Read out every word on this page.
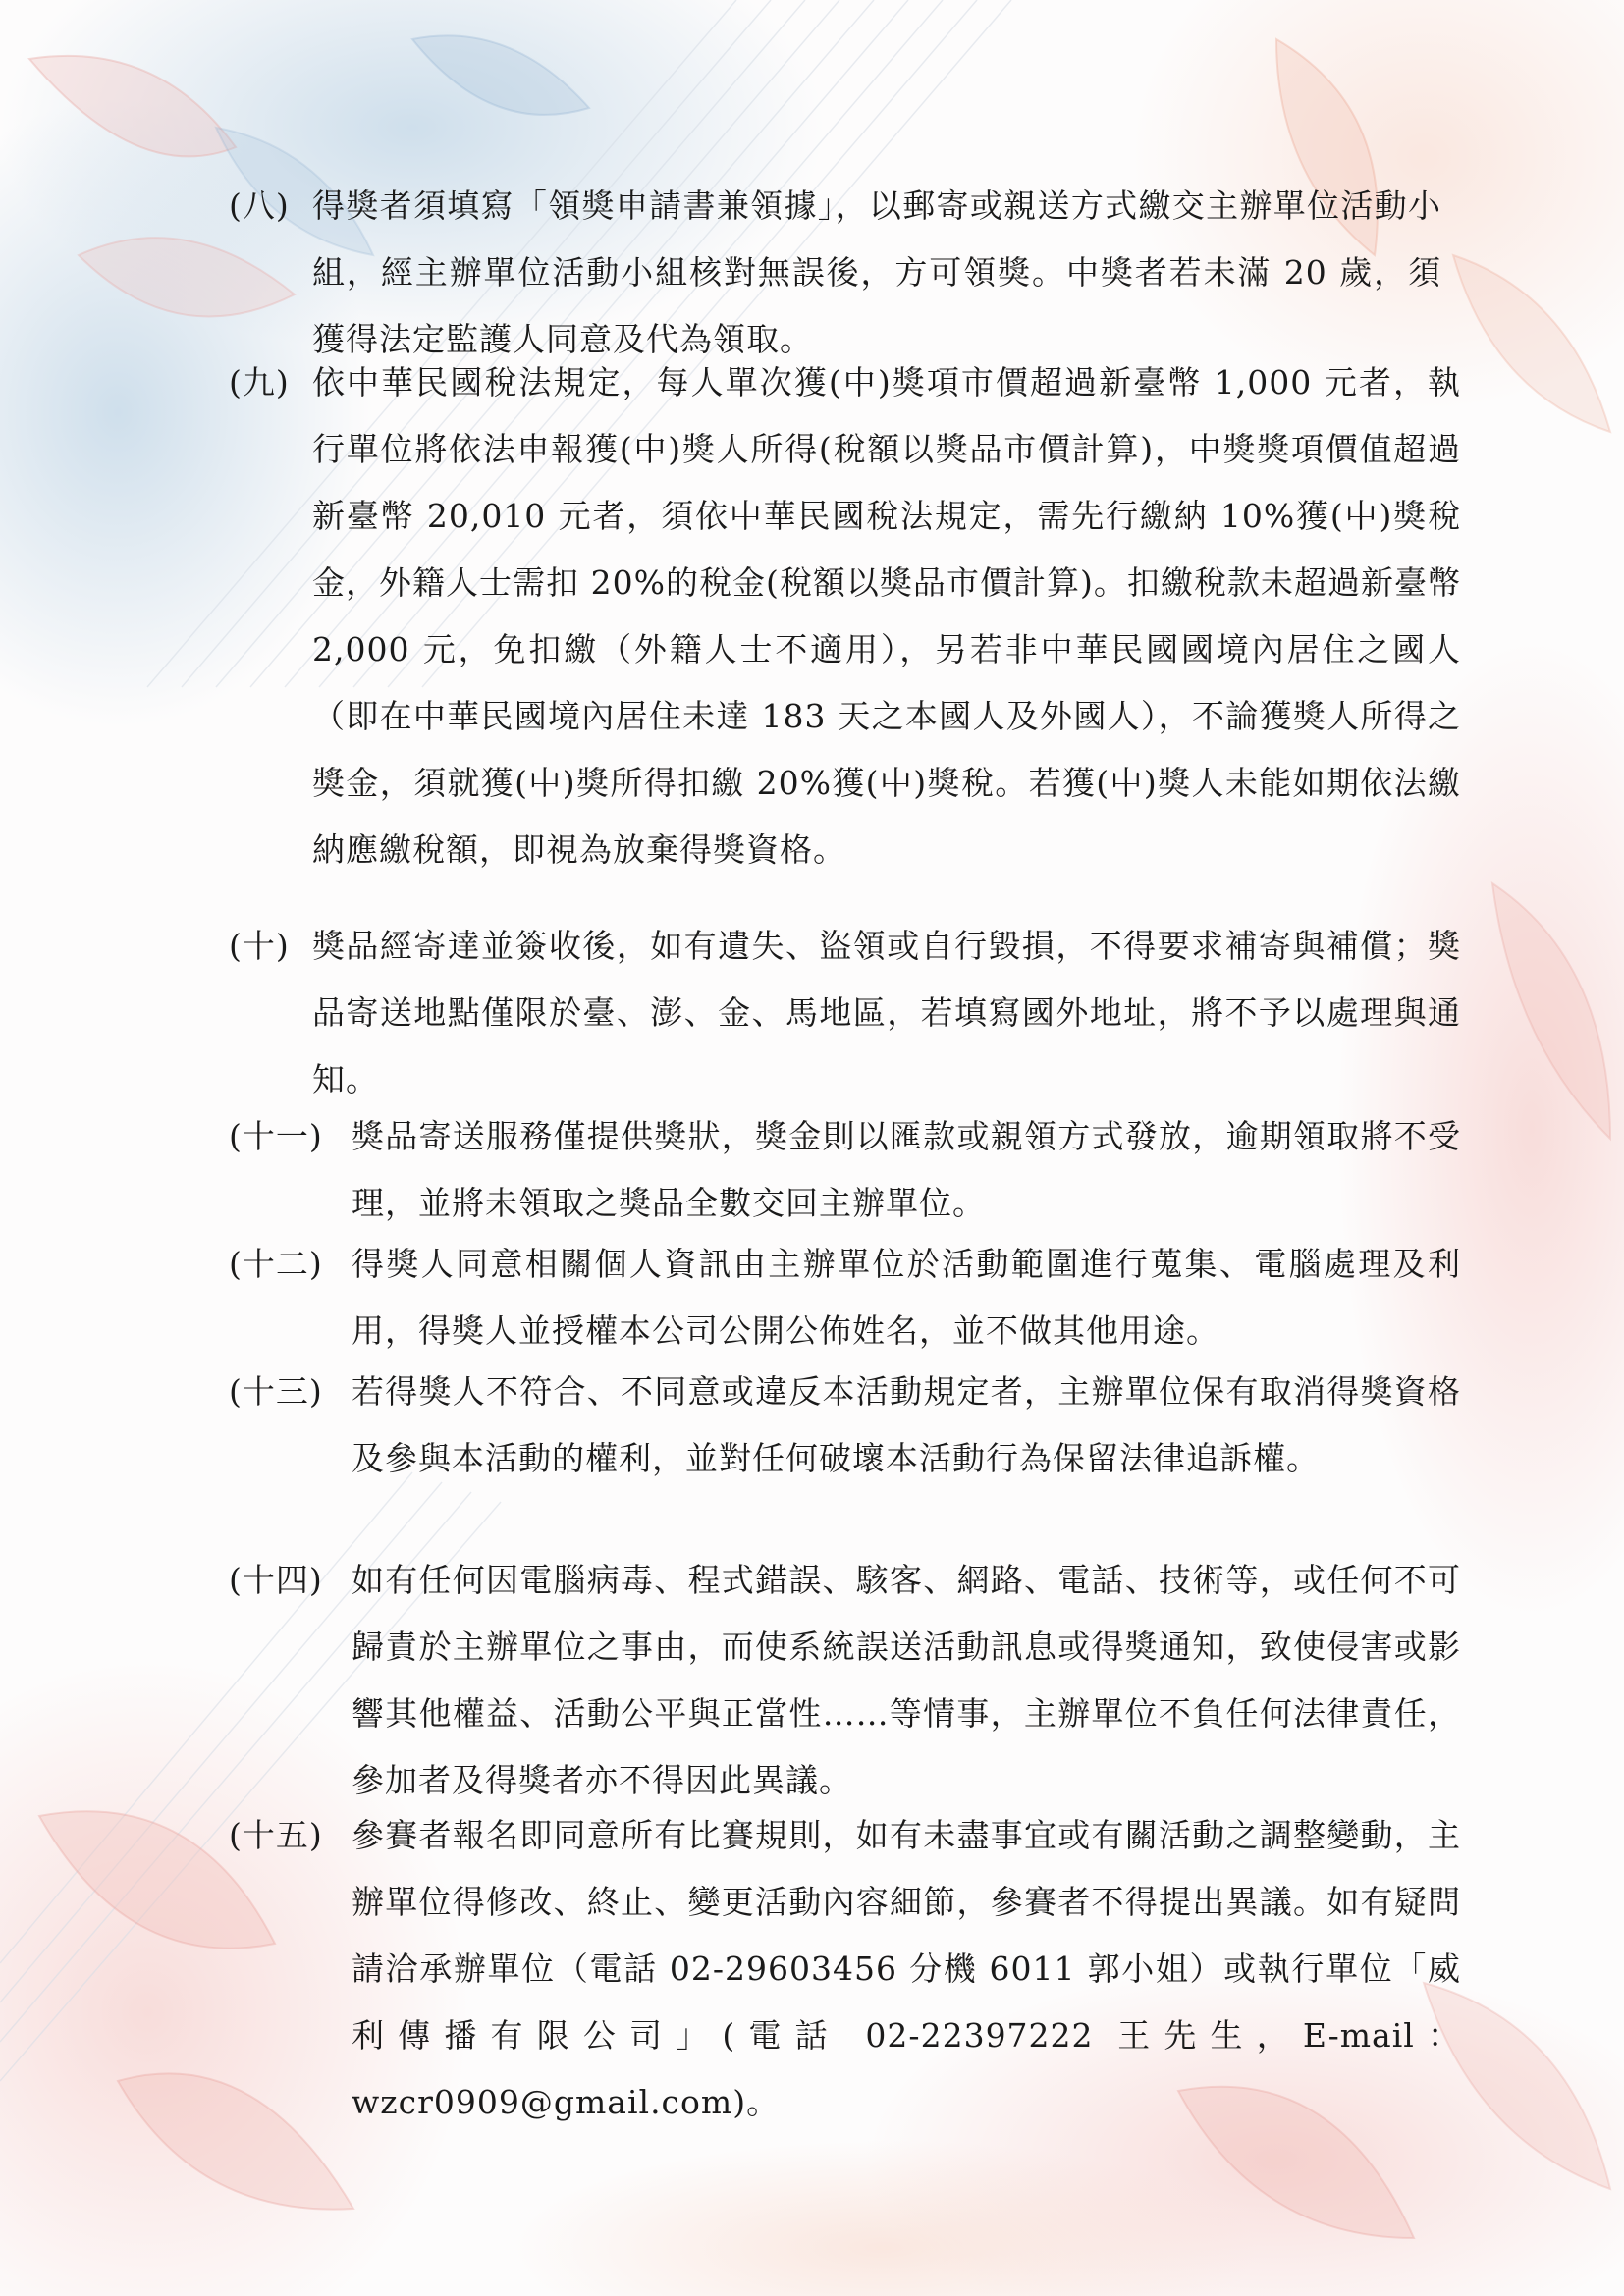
(八) 得獎者須填寫「領獎申請書兼領據」，以郵寄或親送方式繳交主辦單位活動小組，經主辦單位活動小組核對無誤後，方可領獎。中獎者若未滿 20 歲，須獲得法定監護人同意及代為領取。

(九) 依中華民國稅法規定，每人單次獲(中)獎項市價超過新臺幣 1,000 元者，執行單位將依法申報獲(中)獎人所得(稅額以獎品市價計算)，中獎獎項價值超過新臺幣 20,010 元者，須依中華民國稅法規定，需先行繳納 10%獲(中)獎稅金，外籍人士需扣 20%的稅金(稅額以獎品市價計算)。扣繳稅款未超過新臺幣 2,000 元，免扣繳（外籍人士不適用），另若非中華民國國境內居住之國人（即在中華民國境內居住未達 183 天之本國人及外國人），不論獲獎人所得之獎金，須就獲(中)獎所得扣繳 20%獲(中)獎稅。若獲(中)獎人未能如期依法繳納應繳稅額，即視為放棄得獎資格。

(十) 獎品經寄達並簽收後，如有遺失、盜領或自行毀損，不得要求補寄與補償；獎品寄送地點僅限於臺、澎、金、馬地區，若填寫國外地址，將不予以處理與通知。

(十一) 獎品寄送服務僅提供獎狀，獎金則以匯款或親領方式發放，逾期領取將不受理，並將未領取之獎品全數交回主辦單位。

(十二) 得獎人同意相關個人資訊由主辦單位於活動範圍進行蒐集、電腦處理及利用，得獎人並授權本公司公開公佈姓名，並不做其他用途。

(十三) 若得獎人不符合、不同意或違反本活動規定者，主辦單位保有取消得獎資格及參與本活動的權利，並對任何破壞本活動行為保留法律追訴權。

(十四) 如有任何因電腦病毒、程式錯誤、駭客、網路、電話、技術等，或任何不可歸責於主辦單位之事由，而使系統誤送活動訊息或得獎通知，致使侵害或影響其他權益、活動公平與正當性……等情事，主辦單位不負任何法律責任，參加者及得獎者亦不得因此異議。

(十五) 參賽者報名即同意所有比賽規則，如有未盡事宜或有關活動之調整變動，主辦單位得修改、終止、變更活動內容細節，參賽者不得提出異議。如有疑問請洽承辦單位（電話 02-29603456 分機 6011 郭小姐）或執行單位「威利傳播有限公司」(電話 02-22397222 王先生，E-mail：wzcr0909@gmail.com)。
